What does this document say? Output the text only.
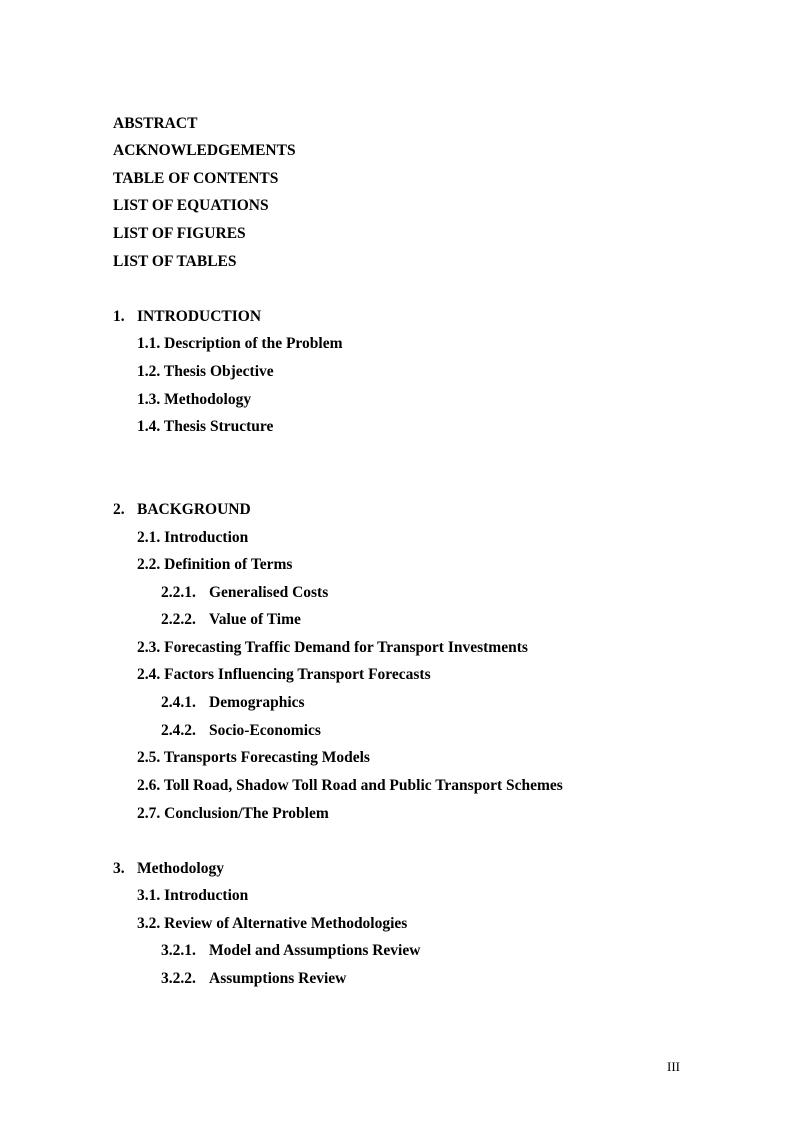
ABSTRACT
ACKNOWLEDGEMENTS
TABLE OF CONTENTS
LIST OF EQUATIONS
LIST OF FIGURES
LIST OF TABLES
1. INTRODUCTION
1.1. Description of the Problem
1.2. Thesis Objective
1.3. Methodology
1.4. Thesis Structure
2. BACKGROUND
2.1. Introduction
2.2. Definition of Terms
2.2.1. Generalised Costs
2.2.2. Value of Time
2.3. Forecasting Traffic Demand for Transport Investments
2.4. Factors Influencing Transport Forecasts
2.4.1. Demographics
2.4.2. Socio-Economics
2.5. Transports Forecasting Models
2.6. Toll Road, Shadow Toll Road and Public Transport Schemes
2.7. Conclusion/The Problem
3. Methodology
3.1. Introduction
3.2. Review of Alternative Methodologies
3.2.1. Model and Assumptions Review
3.2.2. Assumptions Review
III
